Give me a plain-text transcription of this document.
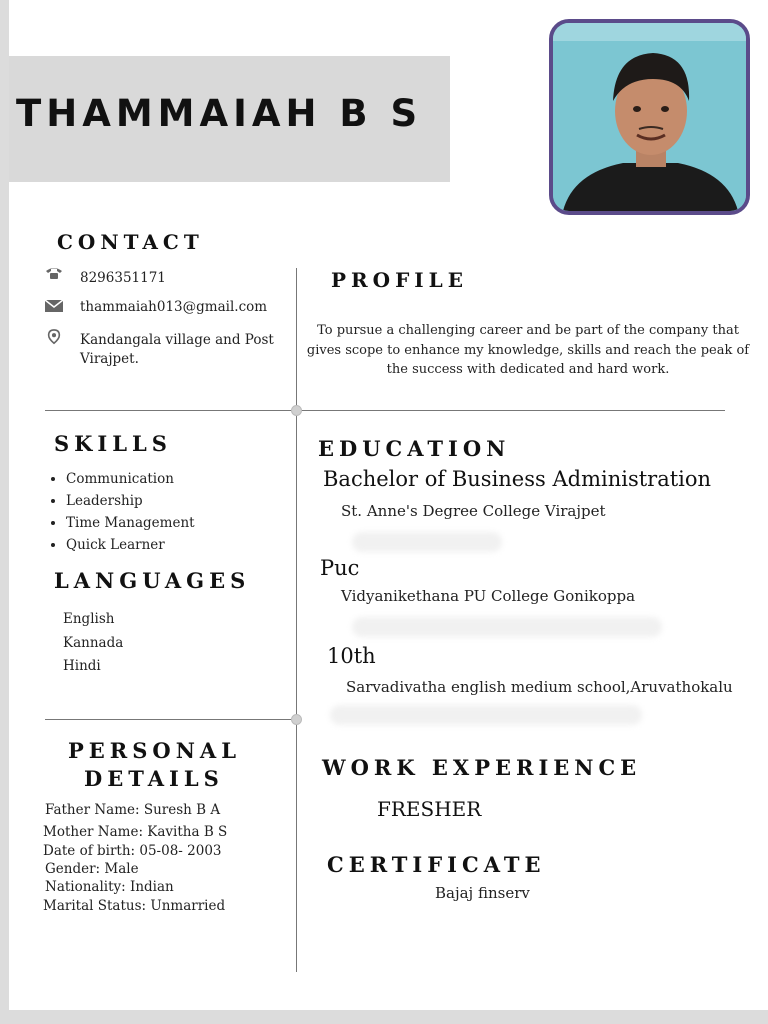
THAMMAIAH B S
CONTACT
8296351171
thammaiah013@gmail.com
Kandangala village and Post
Virajpet.
PROFILE
To pursue a challenging career and be part of the company that gives scope to enhance my knowledge, skills and reach the peak of the success with dedicated and hard work.
SKILLS
• Communication
• Leadership
• Time Management
• Quick Learner
LANGUAGES
English
Kannada
Hindi
EDUCATION
Bachelor of Business Administration
St. Anne's Degree College Virajpet
Puc
Vidyanikethana PU College Gonikoppa
10th
Sarvadivatha english medium school,Aruvathokalu
PERSONAL
DETAILS
Father Name: Suresh B A
Mother Name: Kavitha B S
Date of birth: 05-08- 2003
Gender: Male
Nationality: Indian
Marital Status: Unmarried
WORK EXPERIENCE
FRESHER
CERTIFICATE
Bajaj finserv
